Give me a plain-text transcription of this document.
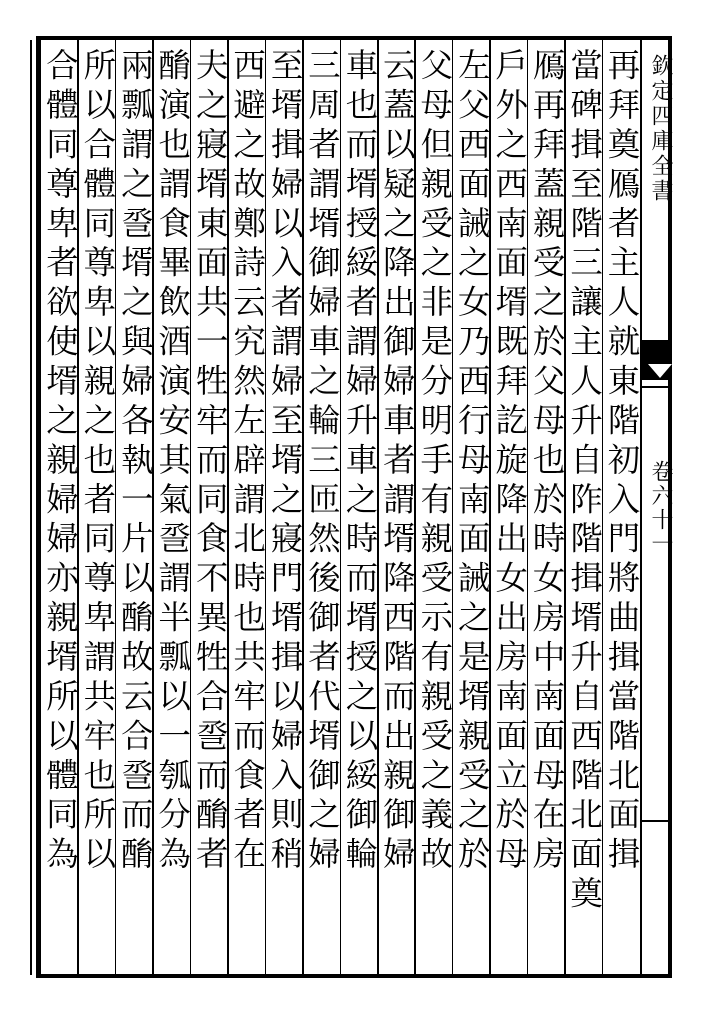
欽定四庫全書
卷六十一
再拜奠鴈者主人就東階初入門將曲揖當階北面揖
當碑揖至階三讓主人升自阼階揖壻升自西階北面奠
鴈再拜蓋親受之於父母也於時女房中南面母在房
戶外之西南面壻既拜訖旋降出女出房南面立於母
左父西面誡之女乃西行母南面誡之是壻親受之於
父母但親受之非是分明手有親受示有親受之義故
云蓋以疑之降出御婦車者謂壻降西階而出親御婦
車也而壻授綏者謂婦升車之時而壻授之以綏御輪
三周者謂壻御婦車之輪三匝然後御者代壻御之婦
至壻揖婦以入者謂婦至壻之寢門壻揖以婦入則稍
西避之故鄭詩云究然左辟謂北時也共牢而食者在
夫之寢壻東面共一牲牢而同食不異牲合巹而酳者
酳演也謂食畢飲酒演安其氣巹謂半瓢以一瓠分為
兩瓢謂之巹壻之與婦各執一片以酳故云合巹而酳
所以合體同尊卑以親之也者同尊卑謂共牢也所以
合體同尊卑者欲使壻之親婦婦亦親壻所以體同為
